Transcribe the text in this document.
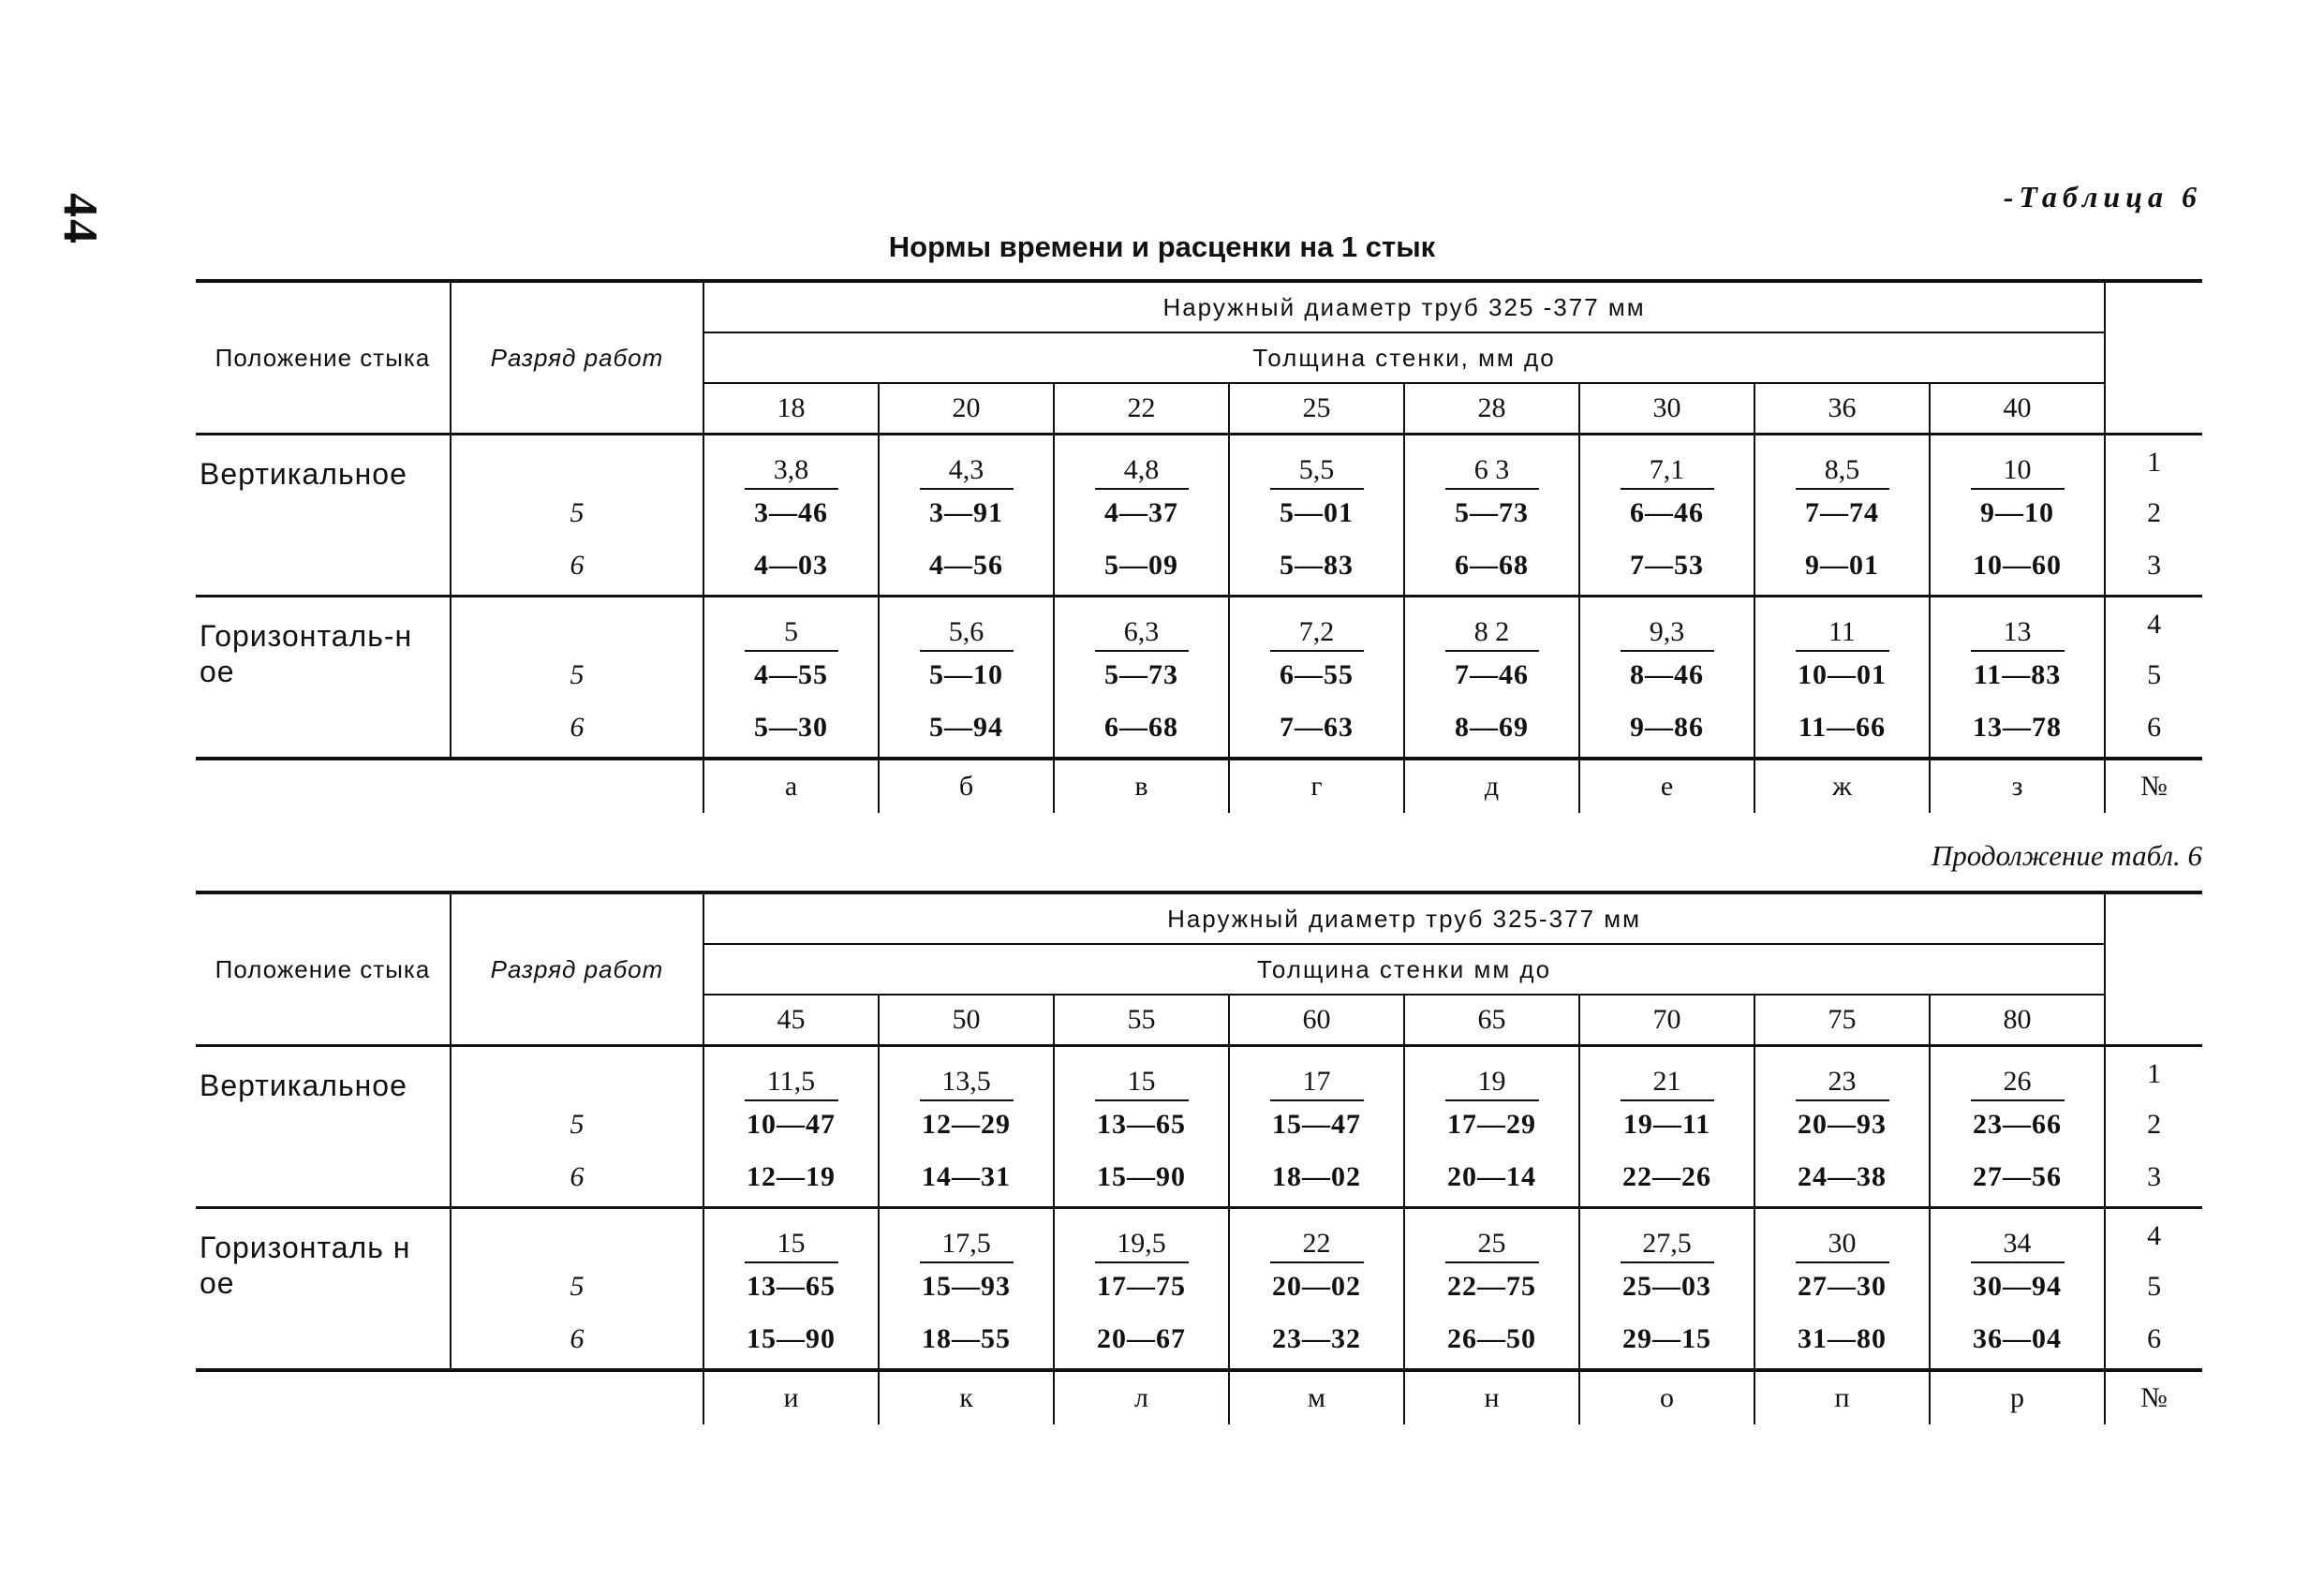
44	-Таблица 6
Нормы времени и расценки на 1 стык
Продолжение табл. 6
Положение стыка	Разряд работ	Наружный диаметр труб 325 -377 мм								
		Толщина стенки, мм до								
		18	20	22	25	28	30	36	40	
Вертикальное		3,8	4,3	4,8	5,5	6 3	7,1	8,5	10	1
	5	3—46	3—91	4—37	5—01	5—73	6—46	7—74	9—10	2
	6	4—03	4—56	5—09	5—83	6—68	7—53	9—01	10—60	3
Горизонталь-ное		5	5,6	6,3	7,2	8 2	9,3	11	13	4
	5	4—55	5—10	5—73	6—55	7—46	8—46	10—01	11—83	5
	6	5—30	5—94	6—68	7—63	8—69	9—86	11—66	13—78	6
		а	б	в	г	д	е	ж	з	№
Положение стыка	Разряд работ	Наружный диаметр труб 325-377 мм								
		Толщина стенки мм до								
		45	50	55	60	65	70	75	80	
Вертикальное		11,5	13,5	15	17	19	21	23	26	1
	5	10—47	12—29	13—65	15—47	17—29	19—11	20—93	23—66	2
	6	12—19	14—31	15—90	18—02	20—14	22—26	24—38	27—56	3
Горизонталь ное		15	17,5	19,5	22	25	27,5	30	34	4
	5	13—65	15—93	17—75	20—02	22—75	25—03	27—30	30—94	5
	6	15—90	18—55	20—67	23—32	26—50	29—15	31—80	36—04	6
		и	к	л	м	н	о	п	р	№
